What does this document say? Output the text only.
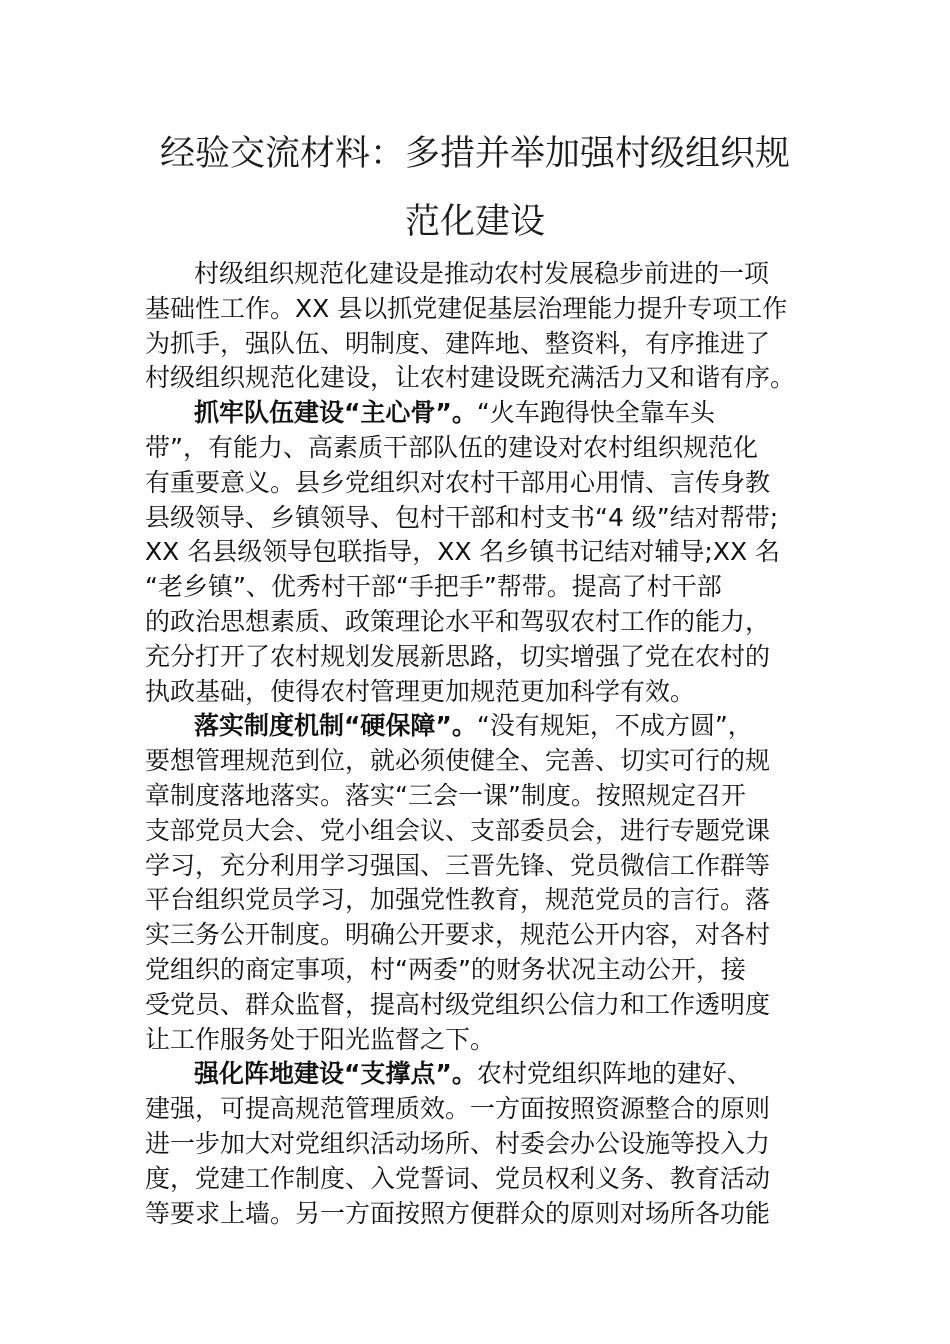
经验交流材料：多措并举加强村级组织规
范化建设
村级组织规范化建设是推动农村发展稳步前进的一项
基础性工作。XX 县以抓党建促基层治理能力提升专项工作
为抓手，强队伍、明制度、建阵地、整资料，有序推进了
村级组织规范化建设，让农村建设既充满活力又和谐有序。
抓牢队伍建设“主心骨”。“火车跑得快全靠车头
带”，有能力、高素质干部队伍的建设对农村组织规范化
有重要意义。县乡党组织对农村干部用心用情、言传身教
县级领导、乡镇领导、包村干部和村支书“4 级”结对帮带;
XX 名县级领导包联指导，XX 名乡镇书记结对辅导;XX 名
“老乡镇”、优秀村干部“手把手”帮带。提高了村干部
的政治思想素质、政策理论水平和驾驭农村工作的能力，
充分打开了农村规划发展新思路，切实增强了党在农村的
执政基础，使得农村管理更加规范更加科学有效。
落实制度机制“硬保障”。“没有规矩，不成方圆”，
要想管理规范到位，就必须使健全、完善、切实可行的规
章制度落地落实。落实“三会一课”制度。按照规定召开
支部党员大会、党小组会议、支部委员会，进行专题党课
学习，充分利用学习强国、三晋先锋、党员微信工作群等
平台组织党员学习，加强党性教育，规范党员的言行。落
实三务公开制度。明确公开要求，规范公开内容，对各村
党组织的商定事项，村“两委”的财务状况主动公开，接
受党员、群众监督，提高村级党组织公信力和工作透明度
让工作服务处于阳光监督之下。
强化阵地建设“支撑点”。农村党组织阵地的建好、
建强，可提高规范管理质效。一方面按照资源整合的原则
进一步加大对党组织活动场所、村委会办公设施等投入力
度，党建工作制度、入党誓词、党员权利义务、教育活动
等要求上墙。另一方面按照方便群众的原则对场所各功能
